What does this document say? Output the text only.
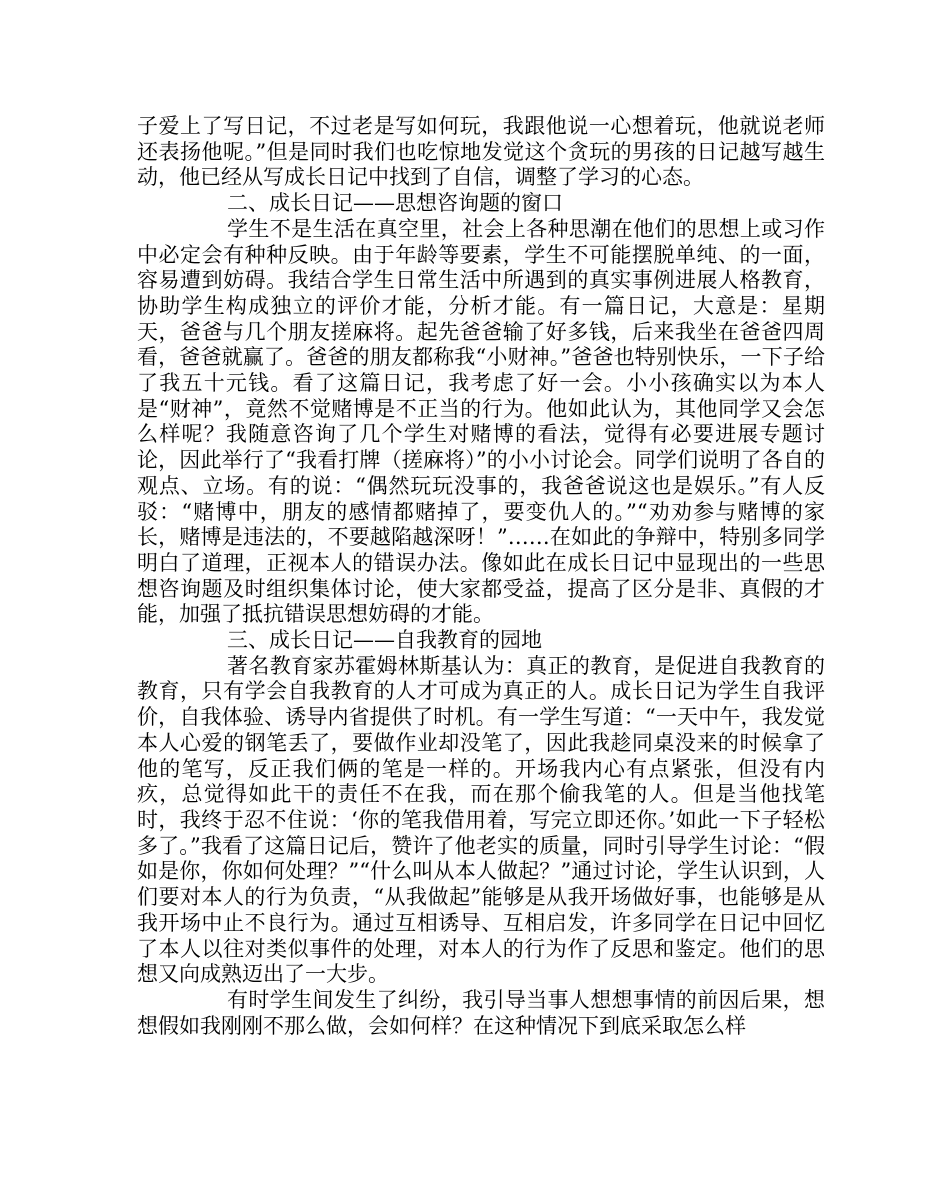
子爱上了写日记，不过老是写如何玩，我跟他说一心想着玩，他就说老师还表扬他呢。”但是同时我们也吃惊地发觉这个贪玩的男孩的日记越写越生动，他已经从写成长日记中找到了自信，调整了学习的心态。

二、成长日记——思想咨询题的窗口

学生不是生活在真空里，社会上各种思潮在他们的思想上或习作中必定会有种种反映。由于年龄等要素，学生不可能摆脱单纯、的一面，容易遭到妨碍。我结合学生日常生活中所遇到的真实事例进展人格教育，协助学生构成独立的评价才能，分析才能。有一篇日记，大意是：星期天，爸爸与几个朋友搓麻将。起先爸爸输了好多钱，后来我坐在爸爸四周看，爸爸就赢了。爸爸的朋友都称我“小财神。”爸爸也特别快乐，一下子给了我五十元钱。看了这篇日记，我考虑了好一会。小小孩确实以为本人是“财神”，竟然不觉赌博是不正当的行为。他如此认为，其他同学又会怎么样呢？我随意咨询了几个学生对赌博的看法，觉得有必要进展专题讨论，因此举行了“我看打牌（搓麻将）”的小小讨论会。同学们说明了各自的观点、立场。有的说：“偶然玩玩没事的，我爸爸说这也是娱乐。”有人反驳：“赌博中，朋友的感情都赌掉了，要变仇人的。”“劝劝参与赌博的家长，赌博是违法的，不要越陷越深呀！”……在如此的争辩中，特别多同学明白了道理，正视本人的错误办法。像如此在成长日记中显现出的一些思想咨询题及时组织集体讨论，使大家都受益，提高了区分是非、真假的才能，加强了抵抗错误思想妨碍的才能。

三、成长日记——自我教育的园地

著名教育家苏霍姆林斯基认为：真正的教育，是促进自我教育的教育，只有学会自我教育的人才可成为真正的人。成长日记为学生自我评价，自我体验、诱导内省提供了时机。有一学生写道：“一天中午，我发觉本人心爱的钢笔丢了，要做作业却没笔了，因此我趁同桌没来的时候拿了他的笔写，反正我们俩的笔是一样的。开场我内心有点紧张，但没有内疚，总觉得如此干的责任不在我，而在那个偷我笔的人。但是当他找笔时，我终于忍不住说：‘你的笔我借用着，写完立即还你。’如此一下子轻松多了。”我看了这篇日记后，赞许了他老实的质量，同时引导学生讨论：“假如是你，你如何处理？”“什么叫从本人做起？”通过讨论，学生认识到，人们要对本人的行为负责，“从我做起”能够是从我开场做好事，也能够是从我开场中止不良行为。通过互相诱导、互相启发，许多同学在日记中回忆了本人以往对类似事件的处理，对本人的行为作了反思和鉴定。他们的思想又向成熟迈出了一大步。

有时学生间发生了纠纷，我引导当事人想想事情的前因后果，想想假如我刚刚不那么做，会如何样？在这种情况下到底采取怎么样
